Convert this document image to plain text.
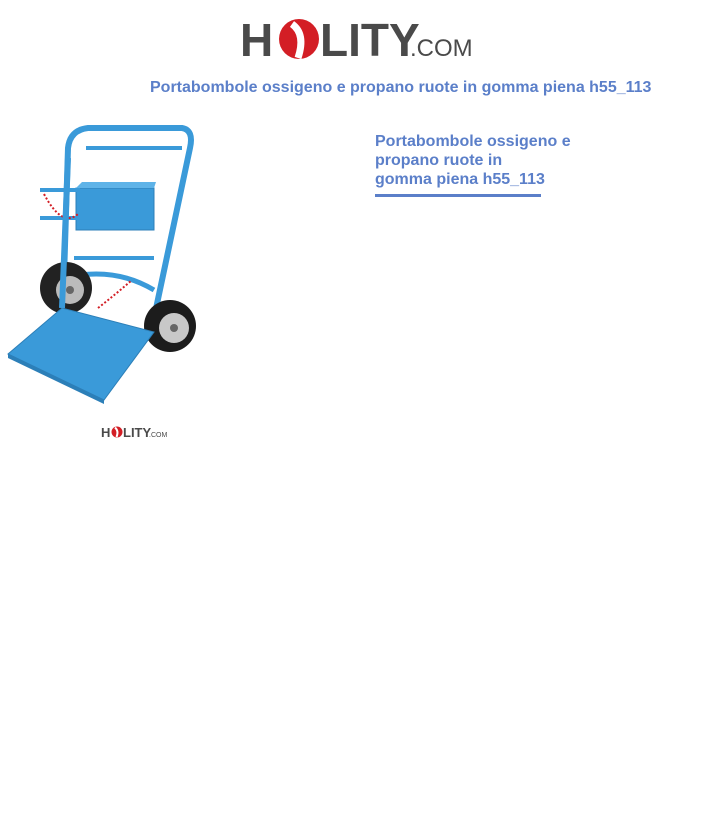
H LITY
.COM
Portabombole ossigeno e propano ruote in gomma piena h55_113
H LITY
.COM
Portabombole ossigeno e
propano ruote in
gomma piena h55_113
